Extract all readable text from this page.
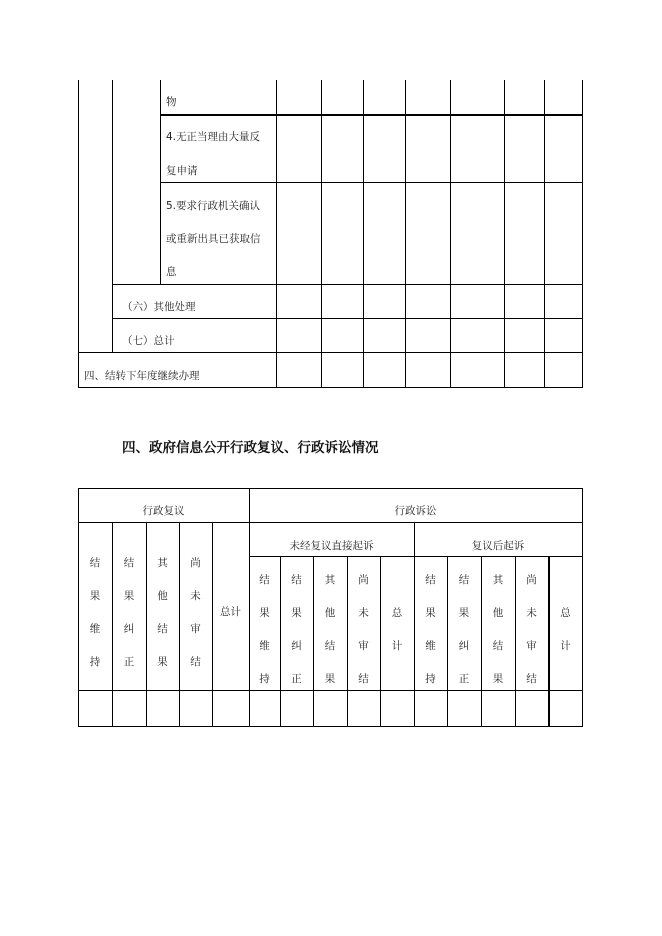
物
4.无正当理由大量反
复申请
5.要求行政机关确认
或重新出具已获取信
息
（六）其他处理
（七）总计
四、结转下年度继续办理
四、政府信息公开行政复议、行政诉讼情况
行政复议	行政诉讼
未经复议直接起诉	复议后起诉
结
果
维
持
结
果
纠
正
其
他
结
果
尚
未
审
结
总计
结
果
维
持
结
果
纠
正
其
他
结
果
尚
未
审
结
总
计
结
果
维
持
结
果
纠
正
其
他
结
果
尚
未
审
结
总
计
